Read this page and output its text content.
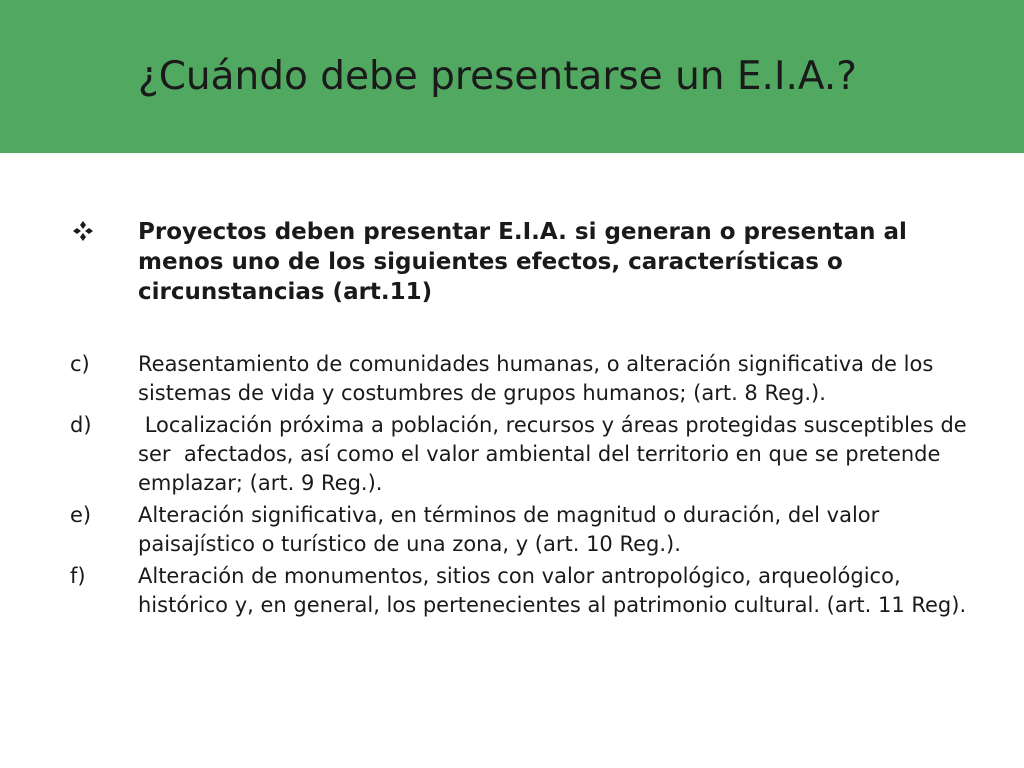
¿Cuándo debe presentarse un E.I.A.?
Proyectos deben presentar E.I.A. si generan o presentan al menos uno de los siguientes efectos, características o circunstancias (art.11)
c) Reasentamiento de comunidades humanas, o alteración significativa de los sistemas de vida y costumbres de grupos humanos; (art. 8 Reg.).
d) Localización próxima a población, recursos y áreas protegidas susceptibles de ser  afectados, así como el valor ambiental del territorio en que se pretende emplazar; (art. 9 Reg.).
e) Alteración significativa, en términos de magnitud o duración, del valor paisajístico o turístico de una zona, y (art. 10 Reg.).
f) Alteración de monumentos, sitios con valor antropológico, arqueológico, histórico y, en general, los pertenecientes al patrimonio cultural. (art. 11 Reg).
